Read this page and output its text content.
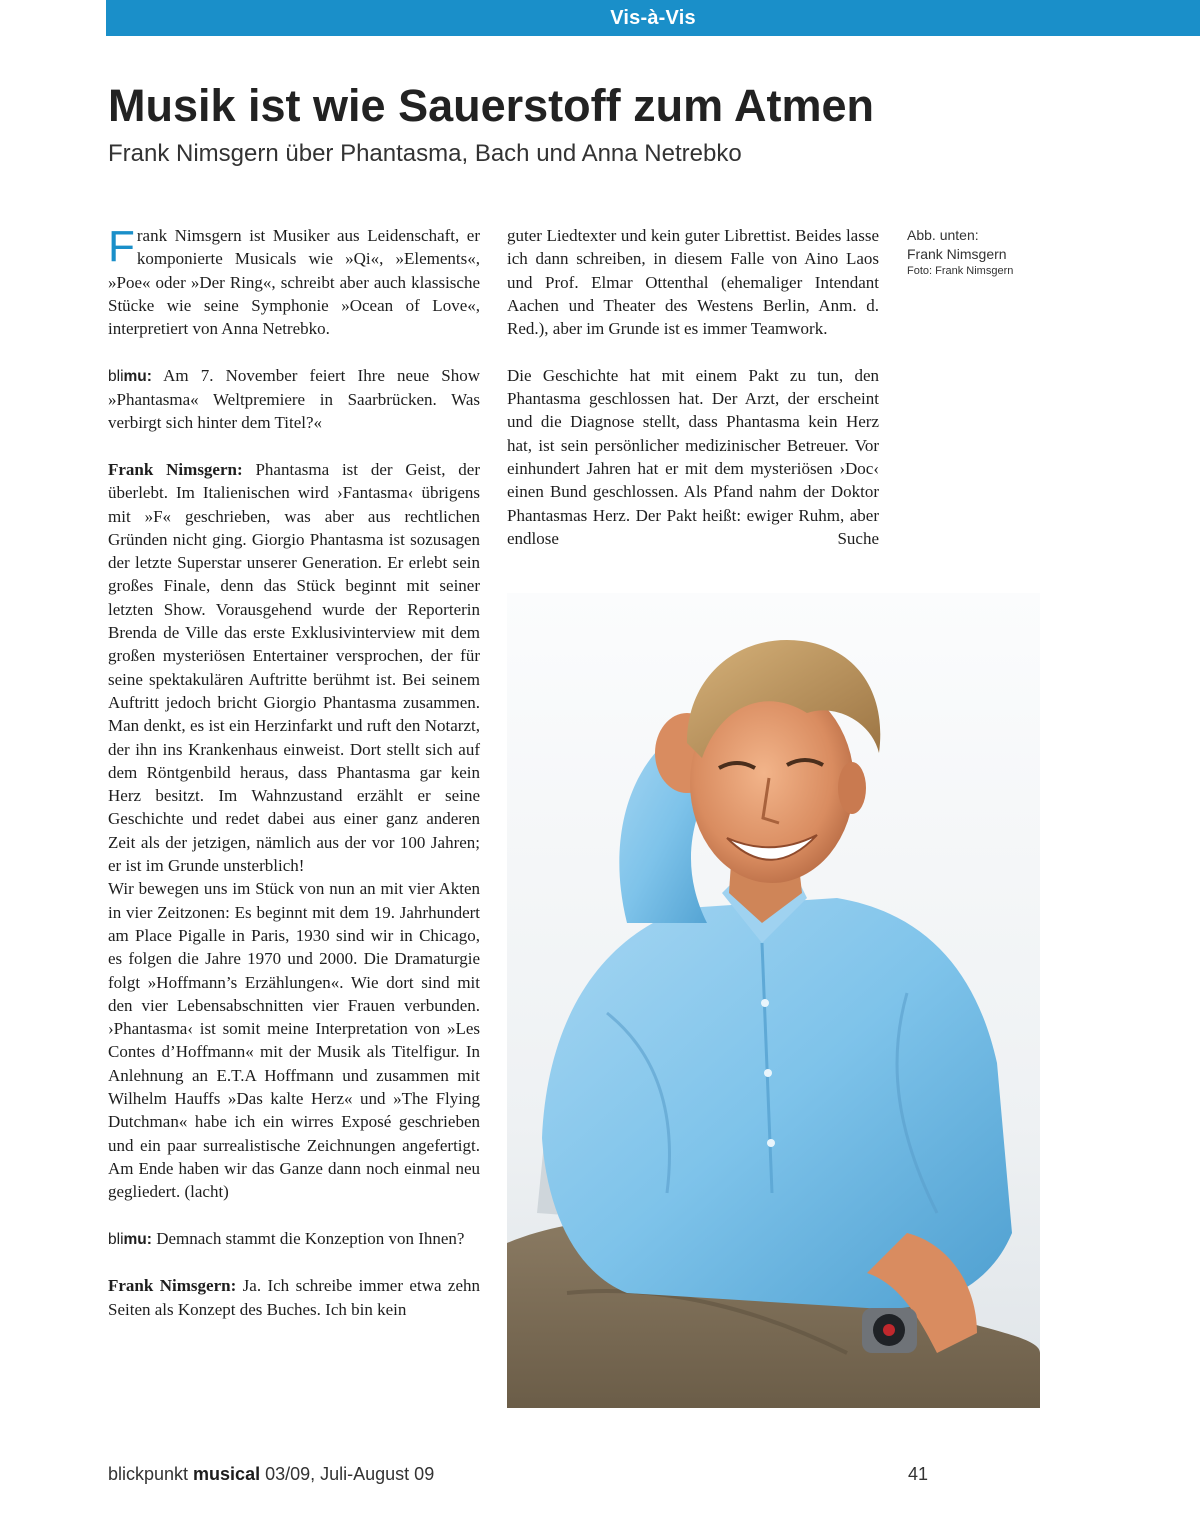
Vis-à-Vis
Musik ist wie Sauerstoff zum Atmen
Frank Nimsgern über Phantasma, Bach und Anna Netrebko

Frank Nimsgern ist Musiker aus Leidenschaft, er komponierte Musicals wie »Qi«, »Elements«, »Poe« oder »Der Ring«, schreibt aber auch klassische Stücke wie seine Symphonie »Ocean of Love«, interpretiert von Anna Netrebko.

blimu: Am 7. November feiert Ihre neue Show »Phantasma« Weltpremiere in Saarbrücken. Was verbirgt sich hinter dem Titel?«

Frank Nimsgern: Phantasma ist der Geist, der überlebt. Im Italienischen wird ›Fantasma‹ übrigens mit »F« geschrieben, was aber aus rechtlichen Gründen nicht ging. Giorgio Phantasma ist sozusagen der letzte Superstar unserer Generation. Er erlebt sein großes Finale, denn das Stück beginnt mit seiner letzten Show. Vorausgehend wurde der Reporterin Brenda de Ville das erste Exklusivinterview mit dem großen mysteriösen Entertainer versprochen, der für seine spektakulären Auftritte berühmt ist. Bei seinem Auftritt jedoch bricht Giorgio Phantasma zusammen. Man denkt, es ist ein Herzinfarkt und ruft den Notarzt, der ihn ins Krankenhaus einweist. Dort stellt sich auf dem Röntgenbild heraus, dass Phantasma gar kein Herz besitzt. Im Wahnzustand erzählt er seine Geschichte und redet dabei aus einer ganz anderen Zeit als der jetzigen, nämlich aus der vor 100 Jahren; er ist im Grunde unsterblich!

Wir bewegen uns im Stück von nun an mit vier Akten in vier Zeitzonen: Es beginnt mit dem 19. Jahrhundert am Place Pigalle in Paris, 1930 sind wir in Chicago, es folgen die Jahre 1970 und 2000. Die Dramaturgie folgt »Hoffmann’s Erzählungen«. Wie dort sind mit den vier Lebensabschnitten vier Frauen verbunden. ›Phantasma‹ ist somit meine Interpretation von »Les Contes d’Hoffmann« mit der Musik als Titelfigur. In Anlehnung an E.T.A Hoffmann und zusammen mit Wilhelm Hauffs »Das kalte Herz« und »The Flying Dutchman« habe ich ein wirres Exposé geschrieben und ein paar surrealistische Zeichnungen angefertigt. Am Ende haben wir das Ganze dann noch einmal neu gegliedert. (lacht)

blimu: Demnach stammt die Konzeption von Ihnen?

Frank Nimsgern: Ja. Ich schreibe immer etwa zehn Seiten als Konzept des Buches. Ich bin kein

guter Liedtexter und kein guter Librettist. Beides lasse ich dann schreiben, in diesem Falle von Aino Laos und Prof. Elmar Ottenthal (ehemaliger Intendant Aachen und Theater des Westens Berlin, Anm. d. Red.), aber im Grunde ist es immer Teamwork.

Die Geschichte hat mit einem Pakt zu tun, den Phantasma geschlossen hat. Der Arzt, der erscheint und die Diagnose stellt, dass Phantasma kein Herz hat, ist sein persönlicher medizinischer Betreuer. Vor einhundert Jahren hat er mit dem mysteriösen ›Doc‹ einen Bund geschlossen. Als Pfand nahm der Doktor Phantasmas Herz. Der Pakt heißt: ewiger Ruhm, aber endlose Suche

Abb. unten:
Frank Nimsgern
Foto: Frank Nimsgern
blickpunkt musical 03/09, Juli-August 09	41
